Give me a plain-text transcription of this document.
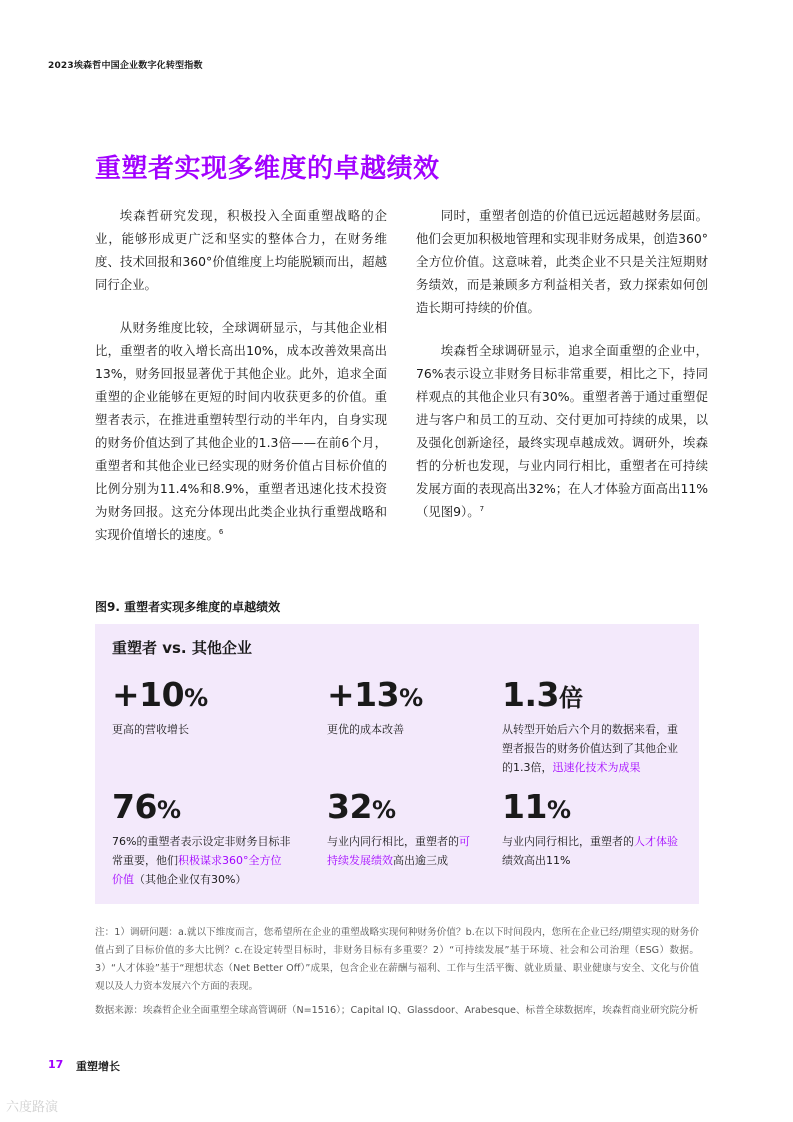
2023埃森哲中国企业数字化转型指数
重塑者实现多维度的卓越绩效

埃森哲研究发现，积极投入全面重塑战略的企业，能够形成更广泛和坚实的整体合力，在财务维度、技术回报和360°价值维度上均能脱颖而出，超越同行企业。

从财务维度比较，全球调研显示，与其他企业相比，重塑者的收入增长高出10%，成本改善效果高出13%，财务回报显著优于其他企业。此外，追求全面重塑的企业能够在更短的时间内收获更多的价值。重塑者表示，在推进重塑转型行动的半年内，自身实现的财务价值达到了其他企业的1.3倍——在前6个月，重塑者和其他企业已经实现的财务价值占目标价值的比例分别为11.4%和8.9%，重塑者迅速化技术投资为财务回报。这充分体现出此类企业执行重塑战略和实现价值增长的速度。$^6$

同时，重塑者创造的价值已远远超越财务层面。他们会更加积极地管理和实现非财务成果，创造360°全方位价值。这意味着，此类企业不只是关注短期财务绩效，而是兼顾多方利益相关者，致力探索如何创造长期可持续的价值。

埃森哲全球调研显示，追求全面重塑的企业中，76%表示设立非财务目标非常重要，相比之下，持同样观点的其他企业只有30%。重塑者善于通过重塑促进与客户和员工的互动、交付更加可持续的成果，以及强化创新途径，最终实现卓越成效。调研外，埃森哲的分析也发现，与业内同行相比，重塑者在可持续发展方面的表现高出32%；在人才体验方面高出11%（见图9）。$^7$

图9. 重塑者实现多维度的卓越绩效
重塑者 vs. 其他企业
+10%
更高的营收增长
+13%
更优的成本改善
1.3倍
从转型开始后六个月的数据来看，重塑者报告的财务价值达到了其他企业的1.3倍，迅速化技术为成果
76%
76%的重塑者表示设定非财务目标非常重要，他们积极谋求360°全方位价值（其他企业仅有30%）
32%
与业内同行相比，重塑者的可持续发展绩效高出逾三成
11%
与业内同行相比，重塑者的人才体验绩效高出11%
注：1）调研问题：a.就以下维度而言，您希望所在企业的重塑战略实现何种财务价值？b.在以下时间段内，您所在企业已经/期望实现的财务价值占到了目标价值的多大比例？c.在设定转型目标时，非财务目标有多重要？2）“可持续发展”基于环境、社会和公司治理（ESG）数据。3）“人才体验”基于“理想状态（Net Better Off）”成果，包含企业在薪酬与福利、工作与生活平衡、就业质量、职业健康与安全、文化与价值观以及人力资本发展六个方面的表现。
数据来源：埃森哲企业全面重塑全球高管调研（N=1516）；Capital IQ、Glassdoor、Arabesque、标普全球数据库，埃森哲商业研究院分析
17 重塑增长
六度路演
